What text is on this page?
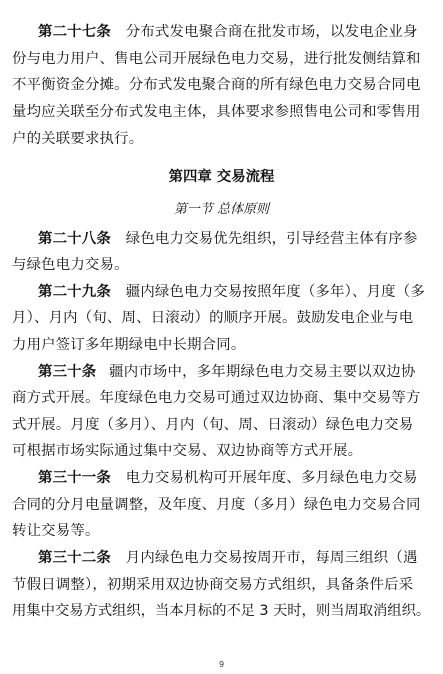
第二十七条 分布式发电聚合商在批发市场，以发电企业身
份与电力用户、售电公司开展绿色电力交易，进行批发侧结算和
不平衡资金分摊。分布式发电聚合商的所有绿色电力交易合同电
量均应关联至分布式发电主体，具体要求参照售电公司和零售用
户的关联要求执行。
第四章 交易流程
第一节 总体原则
第二十八条 绿色电力交易优先组织，引导经营主体有序参
与绿色电力交易。
第二十九条 疆内绿色电力交易按照年度（多年）、月度（多
月）、月内（旬、周、日滚动）的顺序开展。鼓励发电企业与电
力用户签订多年期绿电中长期合同。
第三十条 疆内市场中，多年期绿色电力交易主要以双边协
商方式开展。年度绿色电力交易可通过双边协商、集中交易等方
式开展。月度（多月）、月内（旬、周、日滚动）绿色电力交易
可根据市场实际通过集中交易、双边协商等方式开展。
第三十一条 电力交易机构可开展年度、多月绿色电力交易
合同的分月电量调整，及年度、月度（多月）绿色电力交易合同
转让交易等。
第三十二条 月内绿色电力交易按周开市，每周三组织（遇
节假日调整），初期采用双边协商交易方式组织，具备条件后采
用集中交易方式组织，当本月标的不足 3 天时，则当周取消组织。
9
